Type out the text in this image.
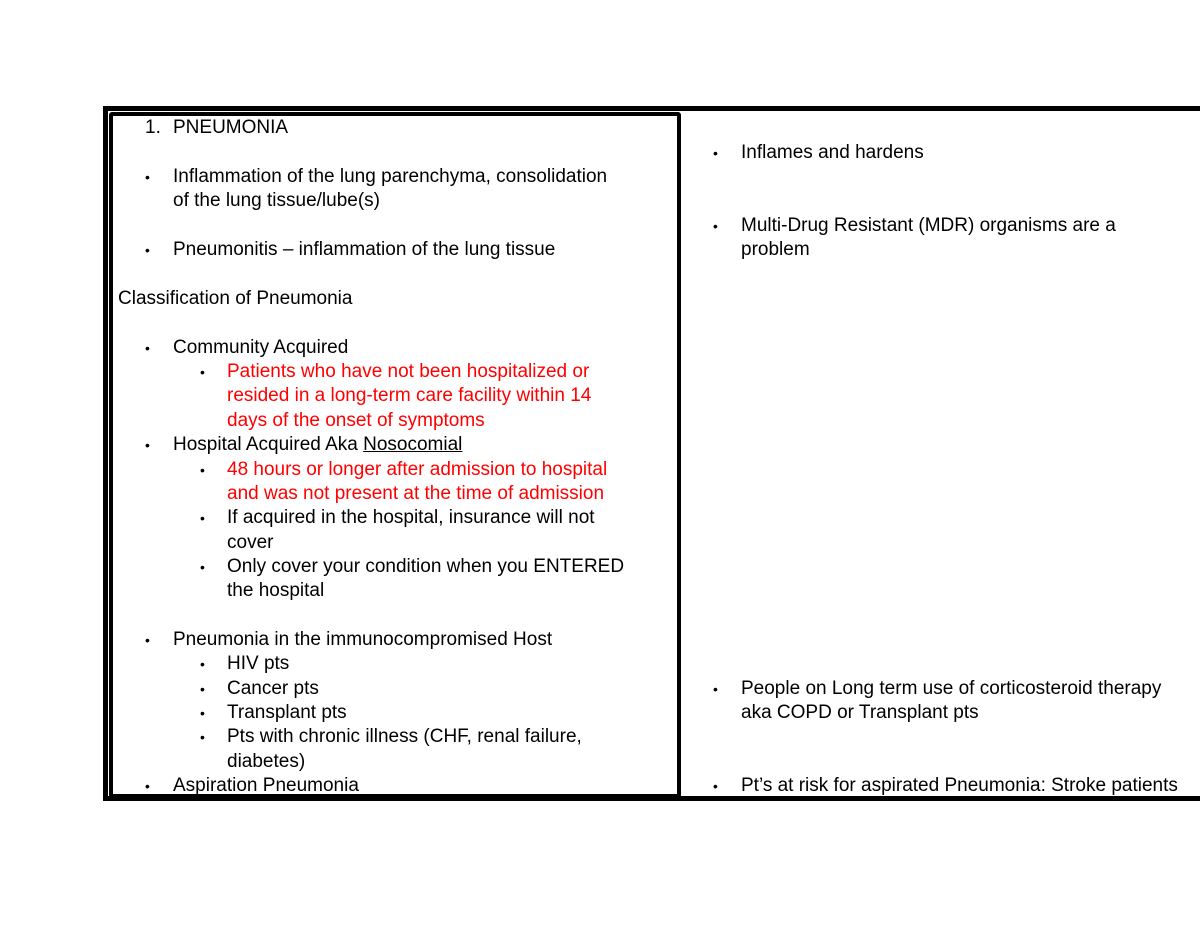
1. PNEUMONIA
• Inflammation of the lung parenchyma, consolidation
of the lung tissue/lube(s)
• Pneumonitis – inflammation of the lung tissue
Classification of Pneumonia
• Community Acquired
• Patients who have not been hospitalized or
resided in a long-term care facility within 14
days of the onset of symptoms
• Hospital Acquired Aka Nosocomial
• 48 hours or longer after admission to hospital
and was not present at the time of admission
• If acquired in the hospital, insurance will not
cover
• Only cover your condition when you ENTERED
the hospital
• Pneumonia in the immunocompromised Host
• HIV pts
• Cancer pts
• Transplant pts
• Pts with chronic illness (CHF, renal failure,
diabetes)
• Aspiration Pneumonia
• Inflames and hardens
• Multi-Drug Resistant (MDR) organisms are a
problem
• People on Long term use of corticosteroid therapy
aka COPD or Transplant pts
• Pt’s at risk for aspirated Pneumonia: Stroke patients
